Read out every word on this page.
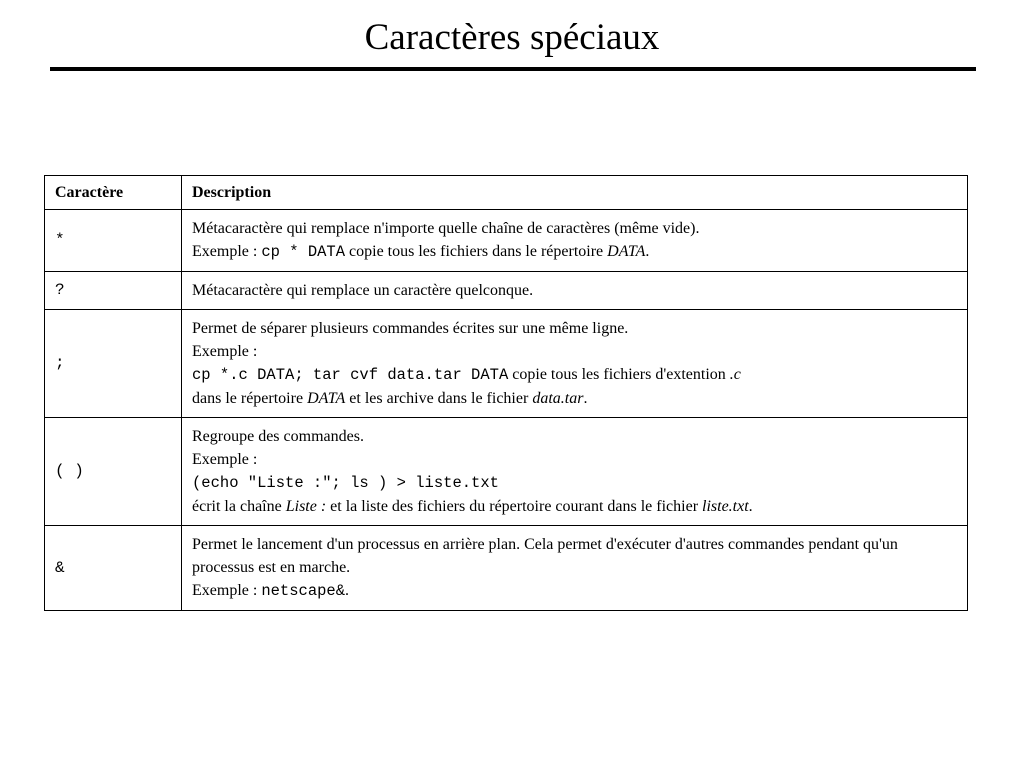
Caractères spéciaux
Caractère	Description
*	Métacaractère qui remplace n'importe quelle chaîne de caractères (même vide).
Exemple : cp * DATA copie tous les fichiers dans le répertoire DATA.

?	Métacaractère qui remplace un caractère quelconque.

;	Permet de séparer plusieurs commandes écrites sur une même ligne.
Exemple :
cp *.c DATA; tar cvf data.tar DATA copie tous les fichiers d'extention .c
dans le répertoire DATA et les archive dans le fichier data.tar.

( )	Regroupe des commandes.
Exemple :
(echo "Liste :"; ls ) > liste.txt
écrit la chaîne Liste : et la liste des fichiers du répertoire courant dans le fichier liste.txt.

&	Permet le lancement d'un processus en arrière plan. Cela permet d'exécuter d'autres commandes pendant qu'un processus est en marche.
Exemple : netscape&.
